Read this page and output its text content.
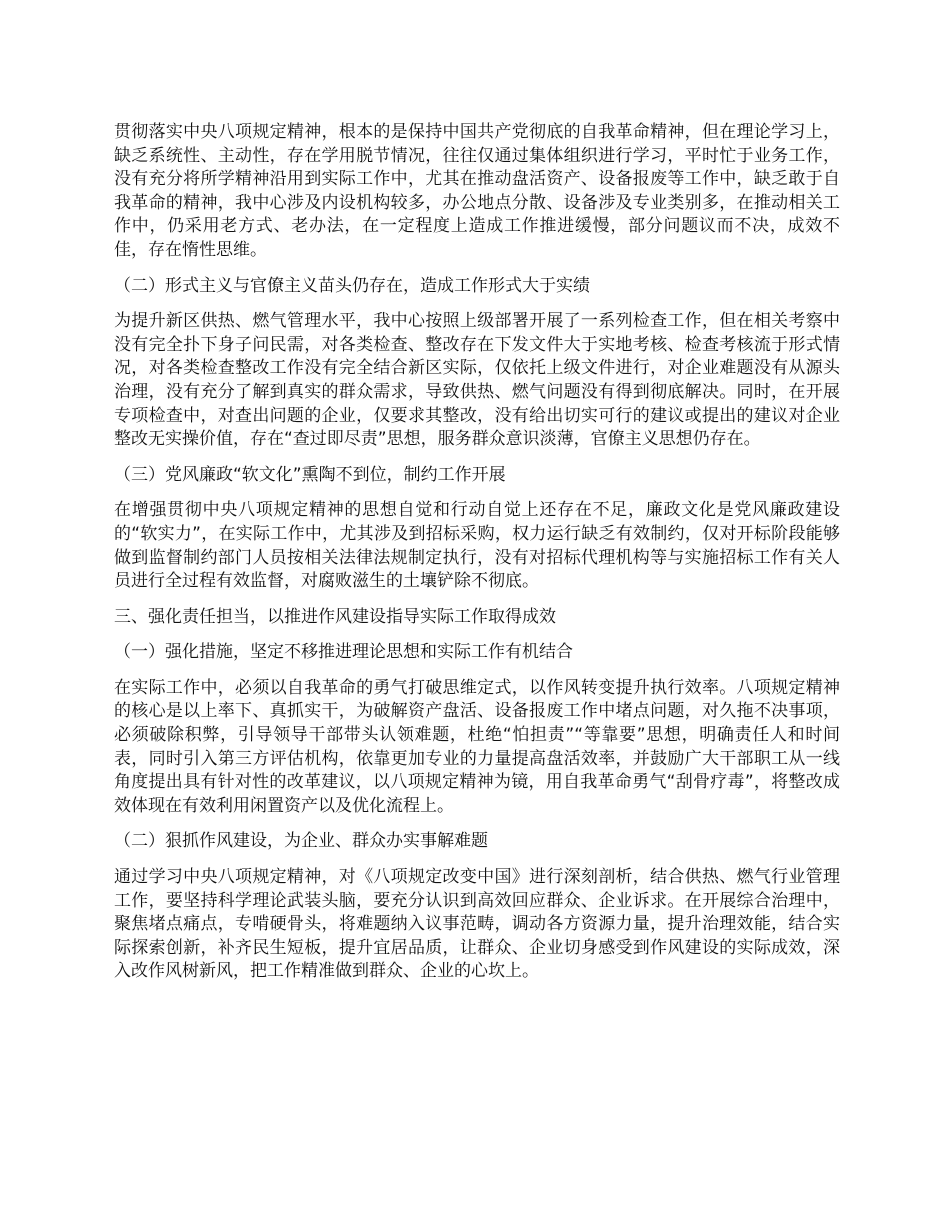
贯彻落实中央八项规定精神，根本的是保持中国共产党彻底的自我革命精神，但在理论学习上，缺乏系统性、主动性，存在学用脱节情况，往往仅通过集体组织进行学习，平时忙于业务工作，没有充分将所学精神沿用到实际工作中，尤其在推动盘活资产、设备报废等工作中，缺乏敢于自我革命的精神，我中心涉及内设机构较多，办公地点分散、设备涉及专业类别多，在推动相关工作中，仍采用老方式、老办法，在一定程度上造成工作推进缓慢，部分问题议而不决，成效不佳，存在惰性思维。

（二）形式主义与官僚主义苗头仍存在，造成工作形式大于实绩

为提升新区供热、燃气管理水平，我中心按照上级部署开展了一系列检查工作，但在相关考察中没有完全扑下身子问民需，对各类检查、整改存在下发文件大于实地考核、检查考核流于形式情况，对各类检查整改工作没有完全结合新区实际，仅依托上级文件进行，对企业难题没有从源头治理，没有充分了解到真实的群众需求，导致供热、燃气问题没有得到彻底解决。同时，在开展专项检查中，对查出问题的企业，仅要求其整改，没有给出切实可行的建议或提出的建议对企业整改无实操价值，存在“查过即尽责”思想，服务群众意识淡薄，官僚主义思想仍存在。

（三）党风廉政“软文化”熏陶不到位，制约工作开展

在增强贯彻中央八项规定精神的思想自觉和行动自觉上还存在不足，廉政文化是党风廉政建设的“软实力”，在实际工作中，尤其涉及到招标采购，权力运行缺乏有效制约，仅对开标阶段能够做到监督制约部门人员按相关法律法规制定执行，没有对招标代理机构等与实施招标工作有关人员进行全过程有效监督，对腐败滋生的土壤铲除不彻底。

三、强化责任担当，以推进作风建设指导实际工作取得成效

（一）强化措施，坚定不移推进理论思想和实际工作有机结合

在实际工作中，必须以自我革命的勇气打破思维定式，以作风转变提升执行效率。八项规定精神的核心是以上率下、真抓实干，为破解资产盘活、设备报废工作中堵点问题，对久拖不决事项，必须破除积弊，引导领导干部带头认领难题，杜绝“怕担责”“等靠要”思想，明确责任人和时间表，同时引入第三方评估机构，依靠更加专业的力量提高盘活效率，并鼓励广大干部职工从一线角度提出具有针对性的改革建议，以八项规定精神为镜，用自我革命勇气“刮骨疗毒”，将整改成效体现在有效利用闲置资产以及优化流程上。

（二）狠抓作风建设，为企业、群众办实事解难题

通过学习中央八项规定精神，对《八项规定改变中国》进行深刻剖析，结合供热、燃气行业管理工作，要坚持科学理论武装头脑，要充分认识到高效回应群众、企业诉求。在开展综合治理中，聚焦堵点痛点，专啃硬骨头，将难题纳入议事范畴，调动各方资源力量，提升治理效能，结合实际探索创新，补齐民生短板，提升宜居品质，让群众、企业切身感受到作风建设的实际成效，深入改作风树新风，把工作精准做到群众、企业的心坎上。
